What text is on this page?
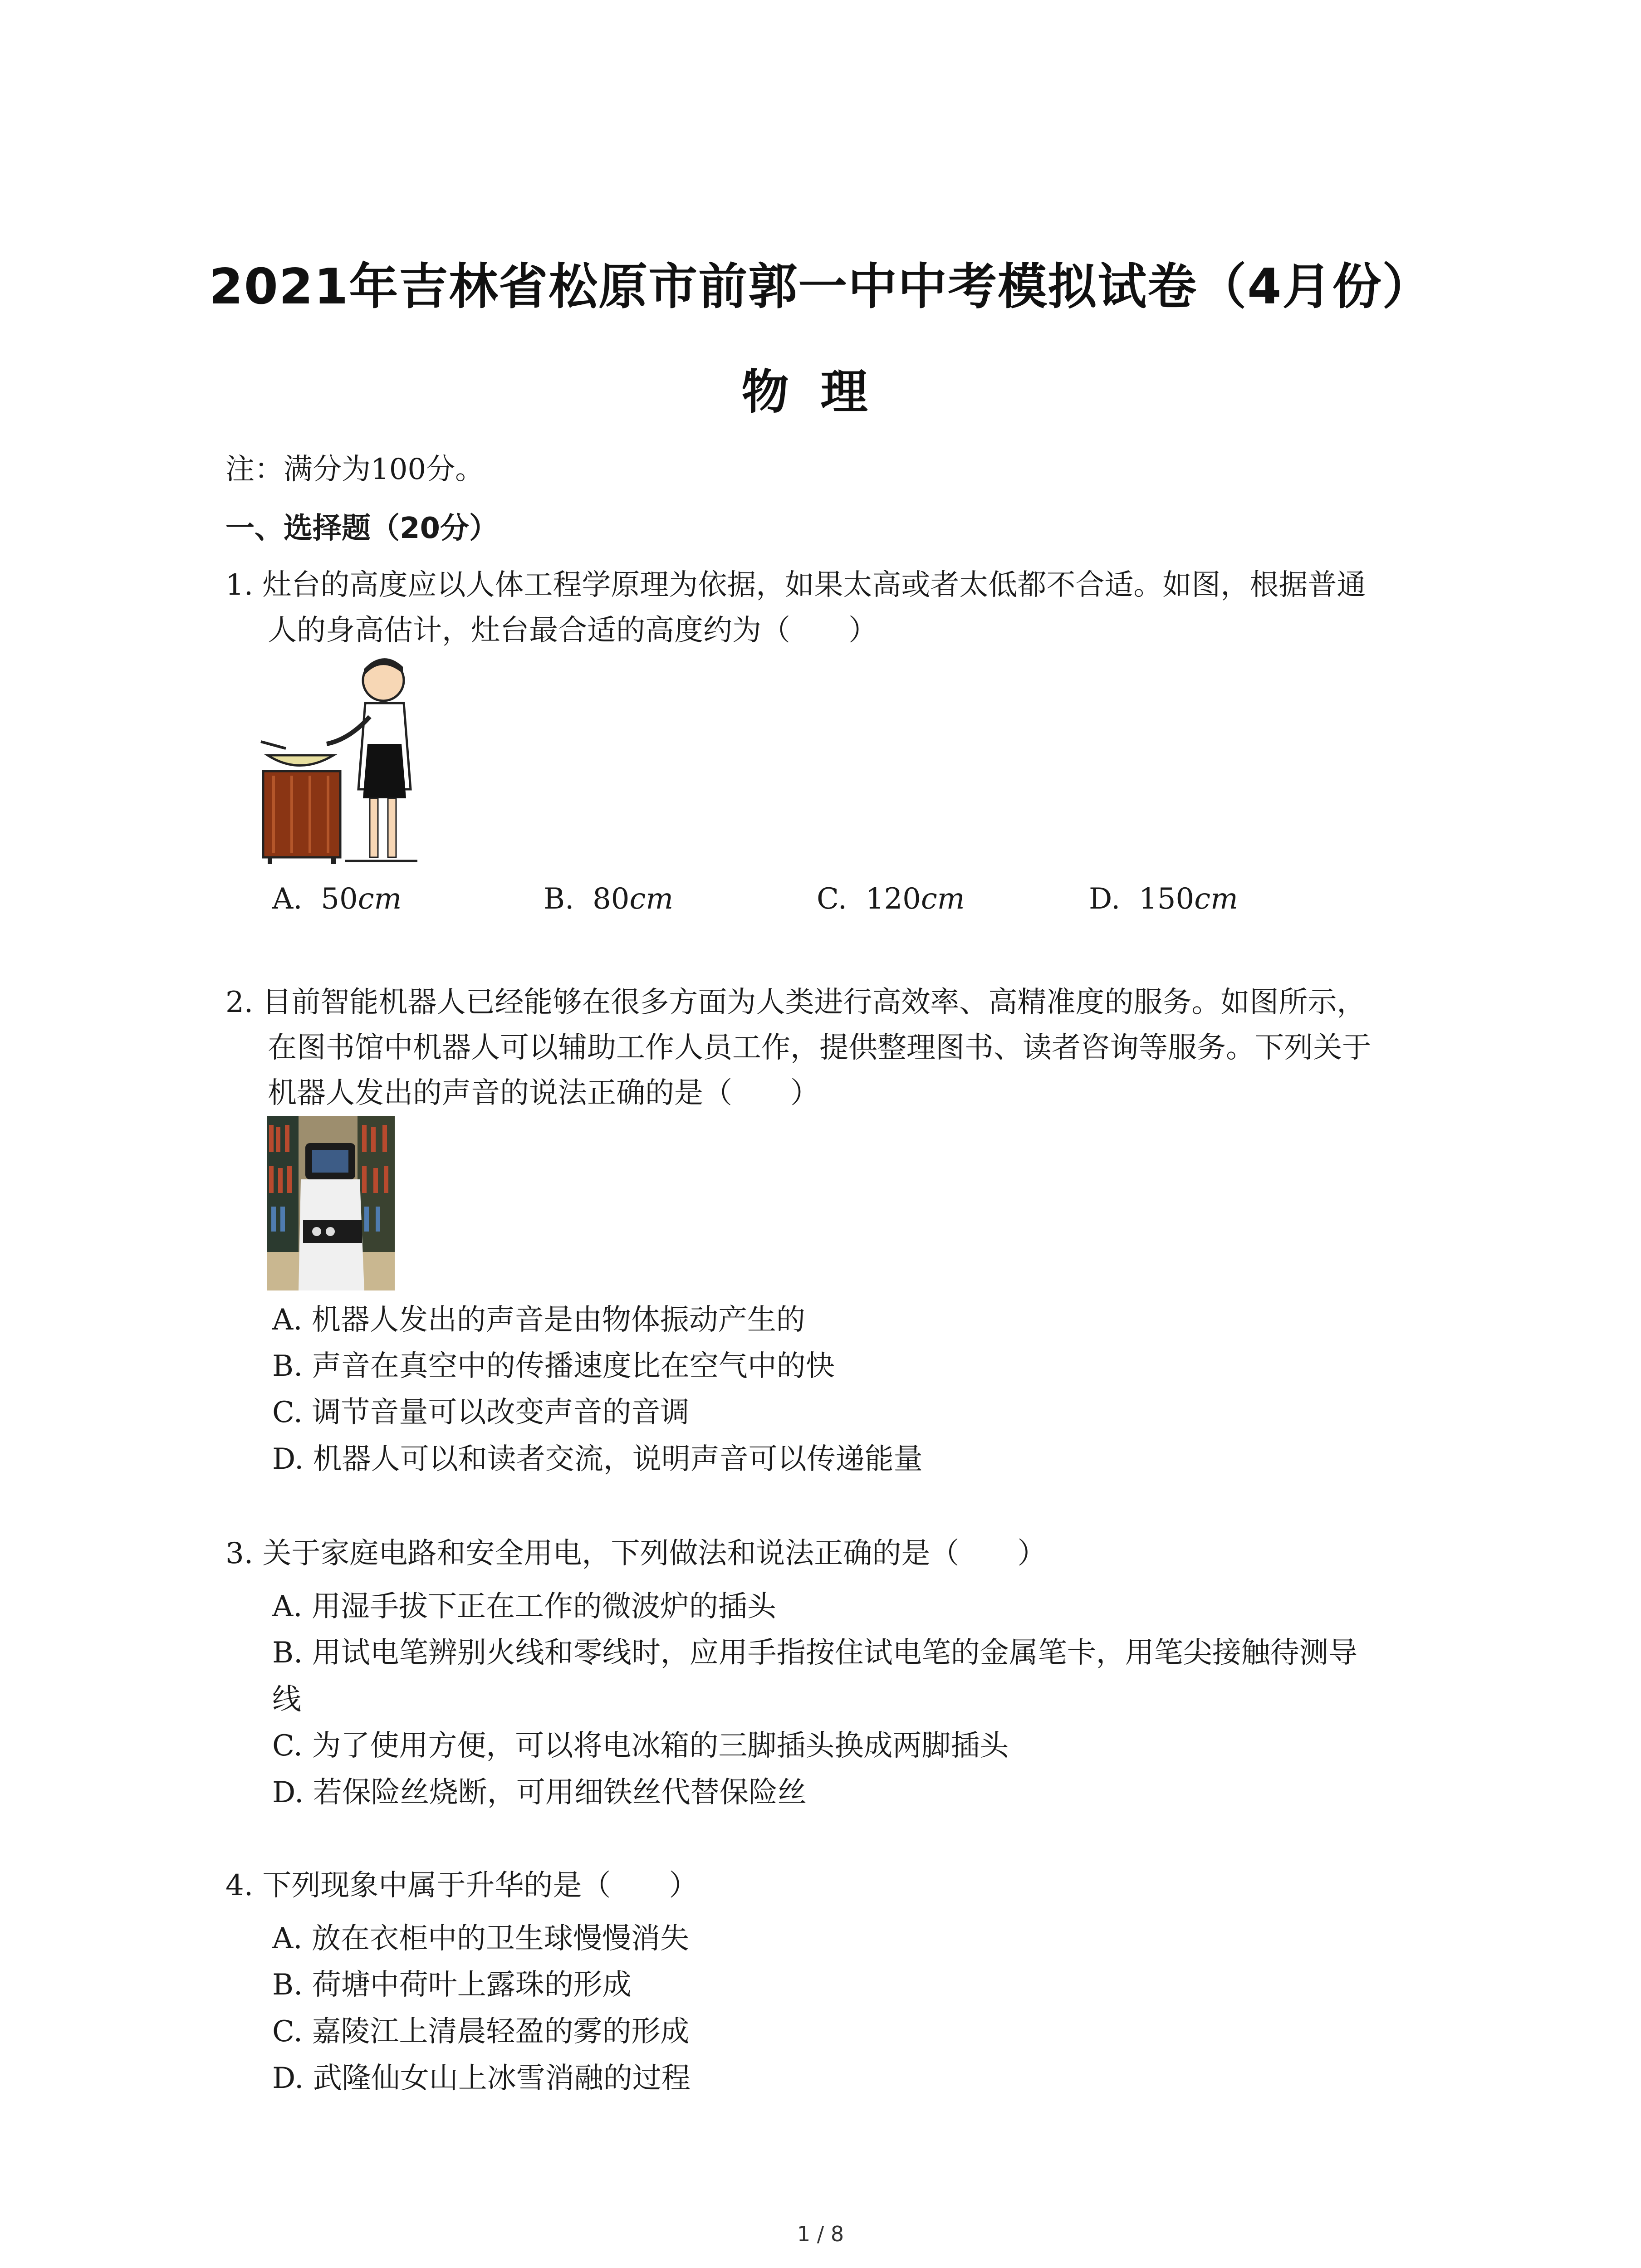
2021年吉林省松原市前郭一中中考模拟试卷（4月份）
物理
注：满分为100分。
一、选择题（20分）
1. 灶台的高度应以人体工程学原理为依据，如果太高或者太低都不合适。如图，根据普通
人的身高估计，灶台最合适的高度约为（　　）
A. 50cm	B. 80cm	C. 120cm	D. 150cm
2. 目前智能机器人已经能够在很多方面为人类进行高效率、高精准度的服务。如图所示，
在图书馆中机器人可以辅助工作人员工作，提供整理图书、读者咨询等服务。下列关于
机器人发出的声音的说法正确的是（　　）
A. 机器人发出的声音是由物体振动产生的
B. 声音在真空中的传播速度比在空气中的快
C. 调节音量可以改变声音的音调
D. 机器人可以和读者交流，说明声音可以传递能量
3. 关于家庭电路和安全用电，下列做法和说法正确的是（　　）
A. 用湿手拔下正在工作的微波炉的插头
B. 用试电笔辨别火线和零线时，应用手指按住试电笔的金属笔卡，用笔尖接触待测导
线
C. 为了使用方便，可以将电冰箱的三脚插头换成两脚插头
D. 若保险丝烧断，可用细铁丝代替保险丝
4. 下列现象中属于升华的是（　　）
A. 放在衣柜中的卫生球慢慢消失
B. 荷塘中荷叶上露珠的形成
C. 嘉陵江上清晨轻盈的雾的形成
D. 武隆仙女山上冰雪消融的过程
1 / 8
